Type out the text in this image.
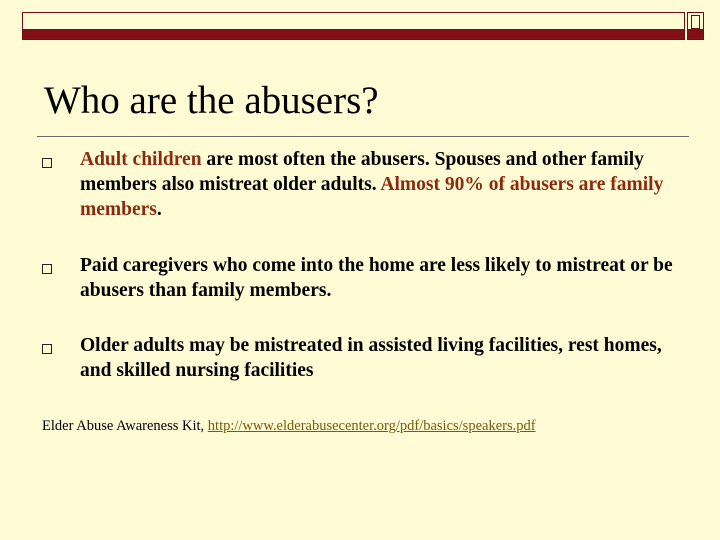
Who are the abusers?
Adult children are most often the abusers. Spouses and other family members also mistreat older adults. Almost 90% of abusers are family members.
Paid caregivers who come into the home are less likely to mistreat or be abusers than family members.
Older adults may be mistreated in assisted living facilities, rest homes, and skilled nursing facilities
Elder Abuse Awareness Kit, http://www.elderabusecenter.org/pdf/basics/speakers.pdf
